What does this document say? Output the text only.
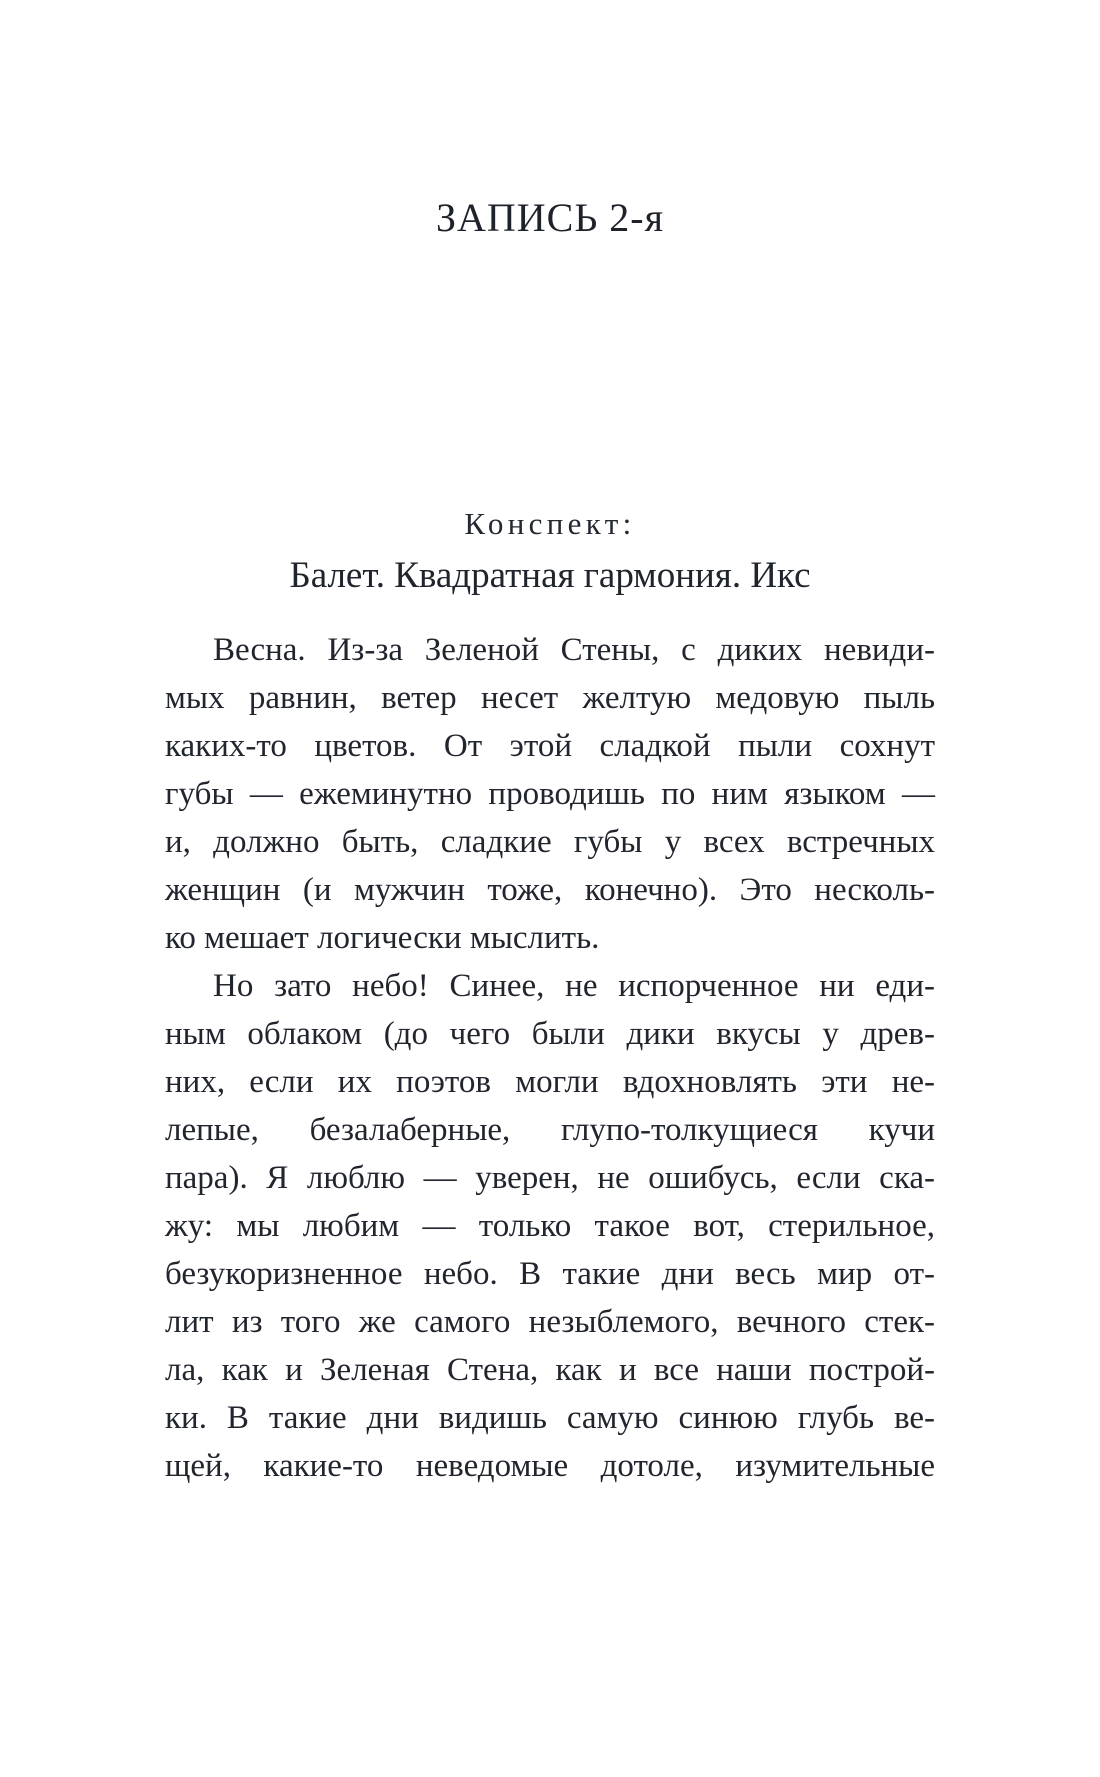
ЗАПИСЬ 2-я
Конспект:
Балет. Квадратная гармония. Икс
Весна. Из-за Зеленой Стены, с диких невиди-
мых равнин, ветер несет желтую медовую пыль
каких-то цветов. От этой сладкой пыли сохнут
губы — ежеминутно проводишь по ним языком —
и, должно быть, сладкие губы у всех встречных
женщин (и мужчин тоже, конечно). Это несколь-
ко мешает логически мыслить.
Но зато небо! Синее, не испорченное ни еди-
ным облаком (до чего были дики вкусы у древ-
них, если их поэтов могли вдохновлять эти не-
лепые, безалаберные, глупо-толкущиеся кучи
пара). Я люблю — уверен, не ошибусь, если ска-
жу: мы любим — только такое вот, стерильное,
безукоризненное небо. В такие дни весь мир от-
лит из того же самого незыблемого, вечного стек-
ла, как и Зеленая Стена, как и все наши построй-
ки. В такие дни видишь самую синюю глубь ве-
щей, какие-то неведомые дотоле, изумительные
